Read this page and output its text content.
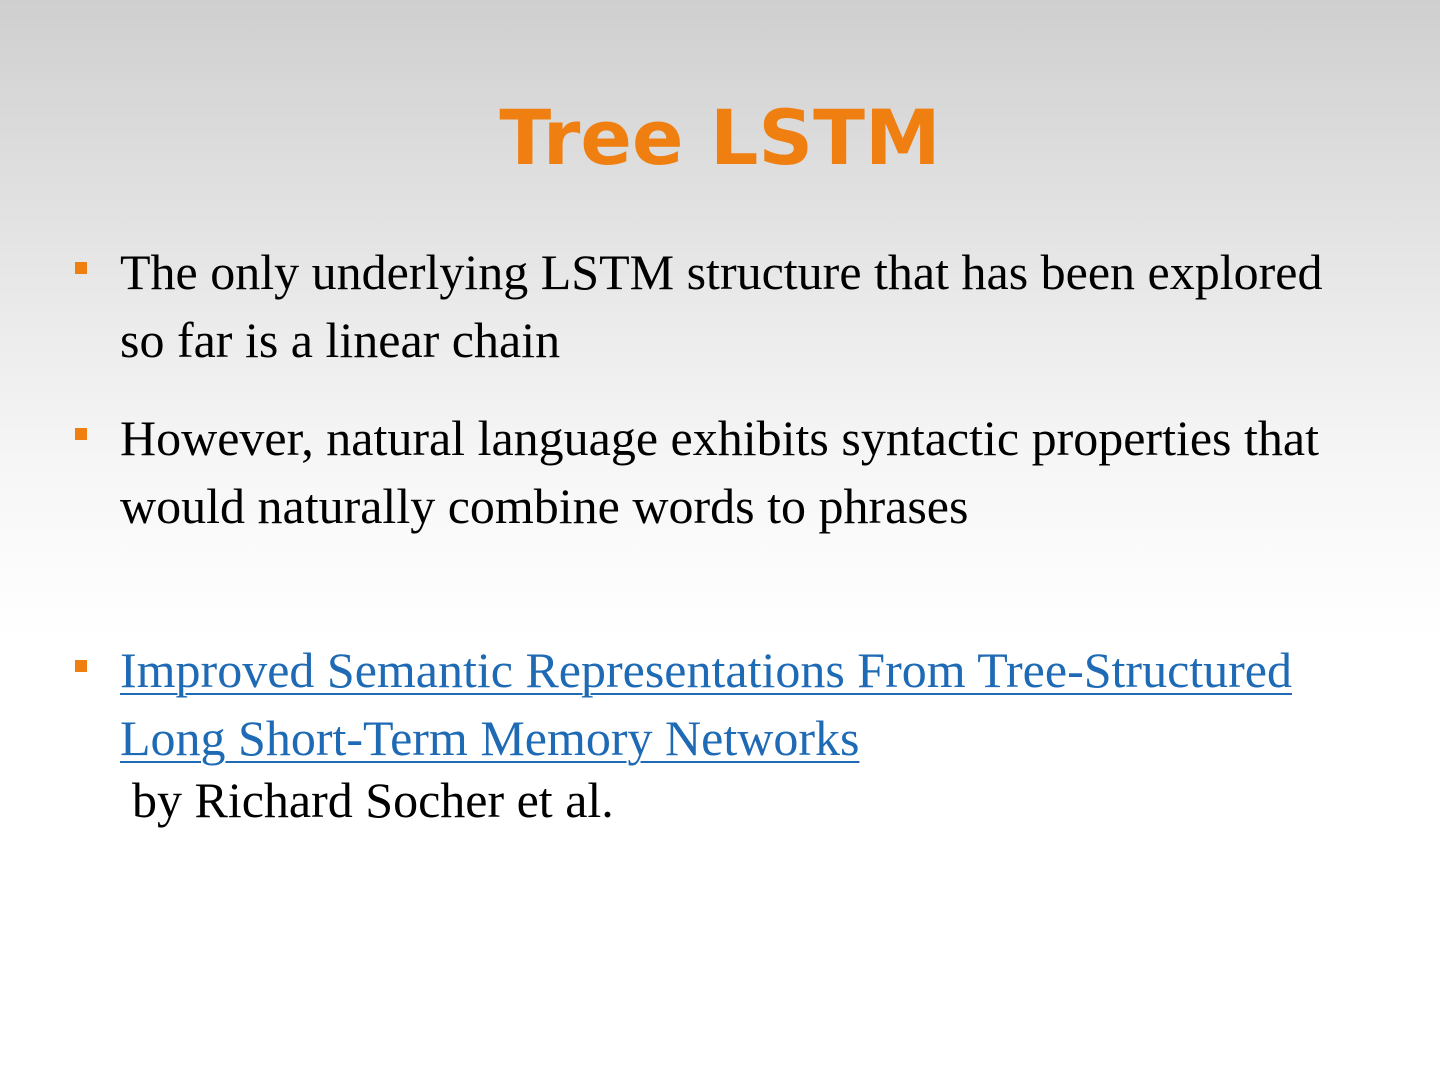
Tree LSTM
The only underlying LSTM structure that has been explored so far is a linear chain
However, natural language exhibits syntactic properties that would naturally combine words to phrases
Improved Semantic Representations From Tree-Structured Long Short-Term Memory Networks
by Richard Socher et al.
